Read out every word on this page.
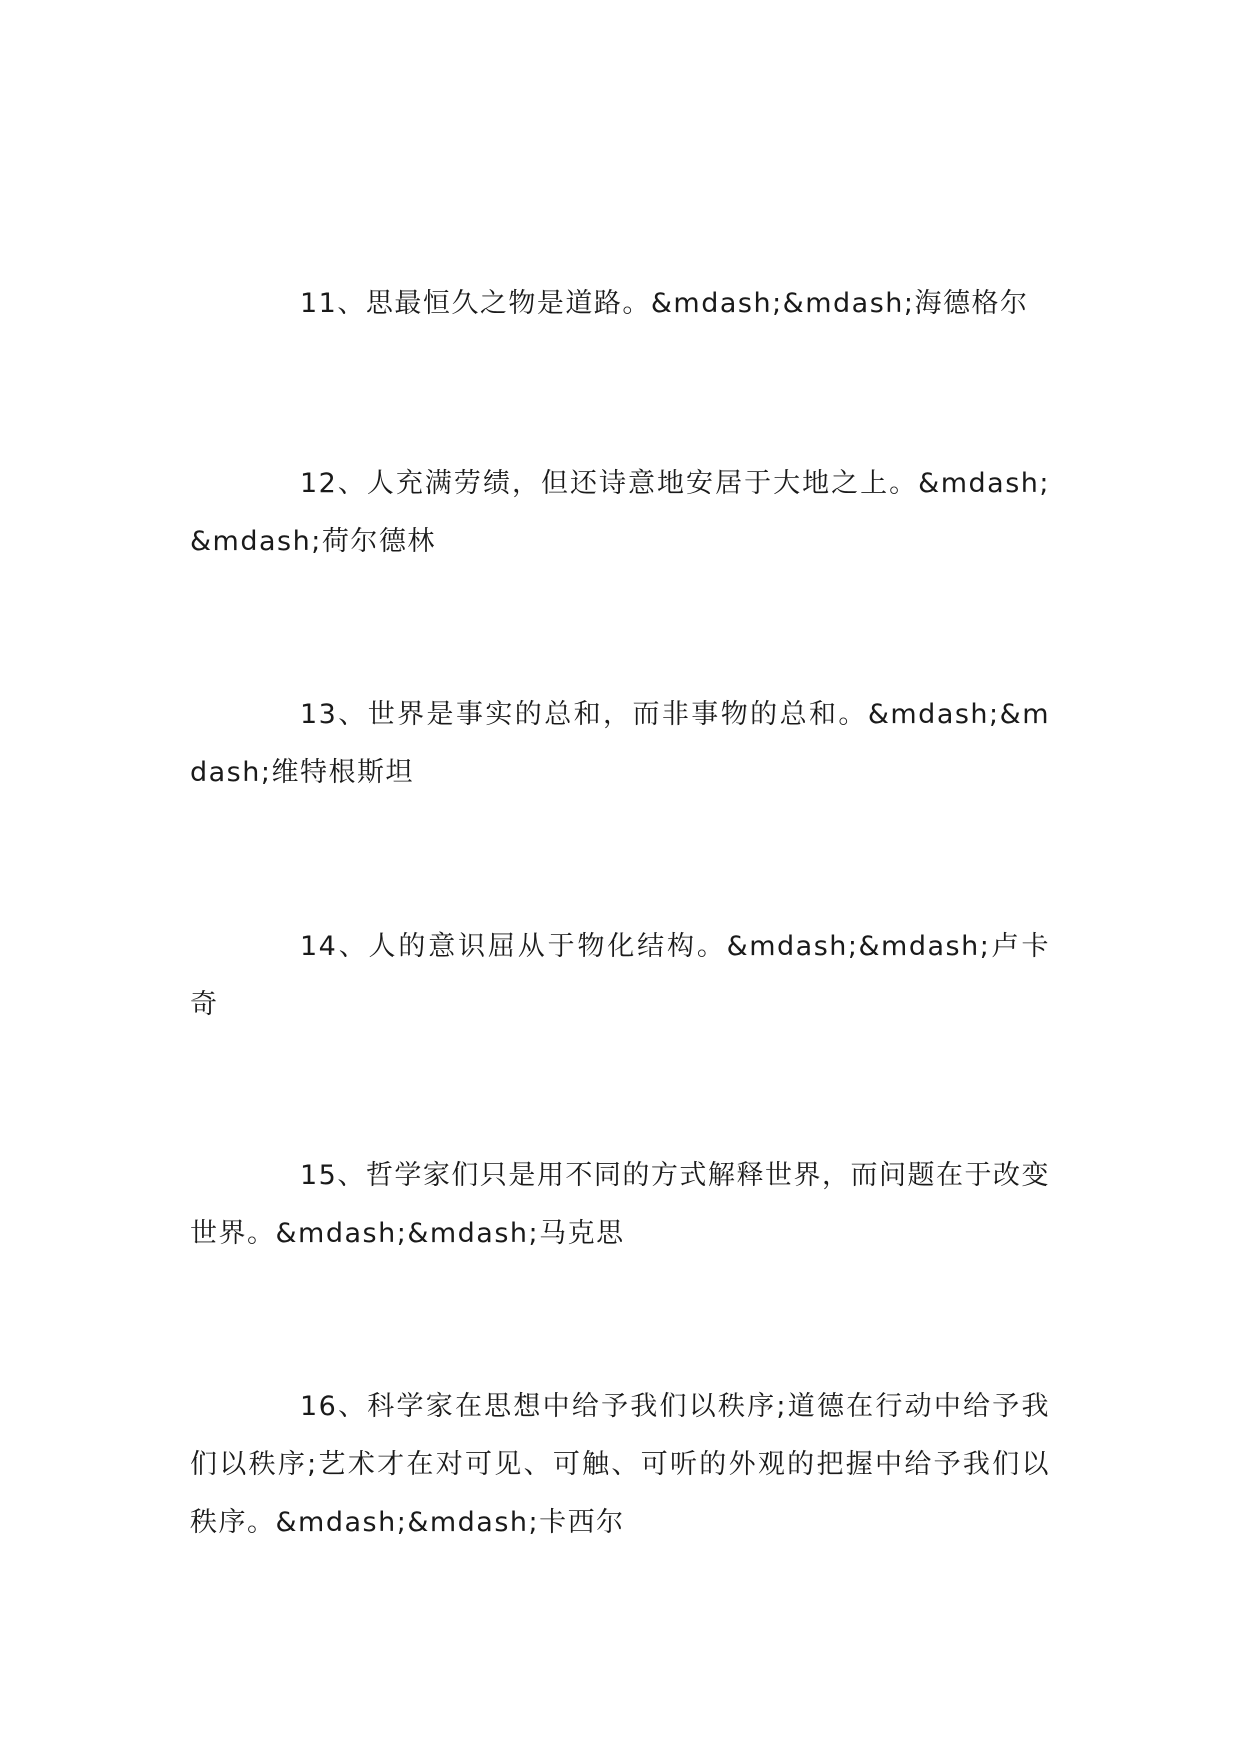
11、思最恒久之物是道路。&mdash;&mdash;海德格尔

12、人充满劳绩，但还诗意地安居于大地之上。&mdash;&mdash;荷尔德林

13、世界是事实的总和，而非事物的总和。&mdash;&mdash;维特根斯坦

14、人的意识屈从于物化结构。&mdash;&mdash;卢卡奇

15、哲学家们只是用不同的方式解释世界，而问题在于改变世界。&mdash;&mdash;马克思

16、科学家在思想中给予我们以秩序;道德在行动中给予我们以秩序;艺术才在对可见、可触、可听的外观的把握中给予我们以秩序。&mdash;&mdash;卡西尔
